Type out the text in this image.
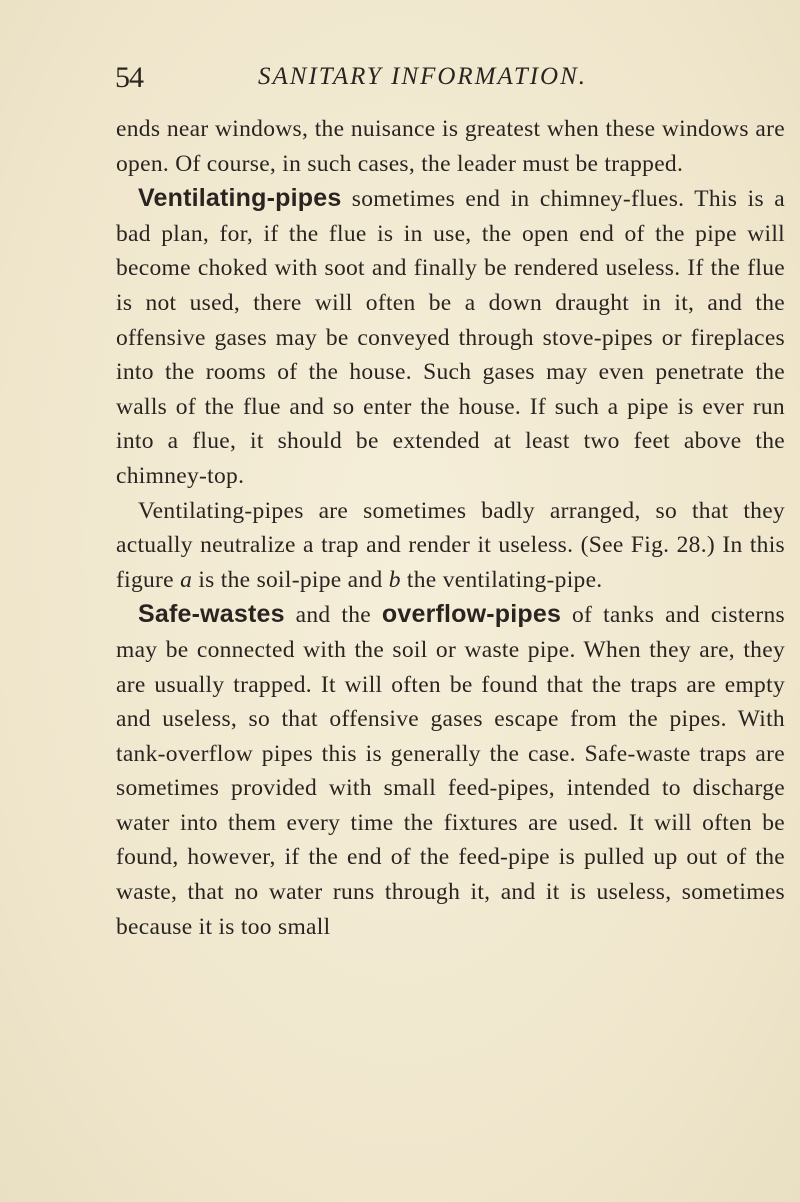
54	SANITARY INFORMATION.

ends near windows, the nuisance is greatest when these windows are open. Of course, in such cases, the leader must be trapped.

Ventilating-pipes sometimes end in chimney-flues. This is a bad plan, for, if the flue is in use, the open end of the pipe will become choked with soot and finally be rendered useless. If the flue is not used, there will often be a down draught in it, and the offensive gases may be conveyed through stove-pipes or fireplaces into the rooms of the house. Such gases may even penetrate the walls of the flue and so enter the house. If such a pipe is ever run into a flue, it should be extended at least two feet above the chimney-top.

Ventilating-pipes are sometimes badly arranged, so that they actually neutralize a trap and render it useless. (See Fig. 28.) In this figure a is the soil-pipe and b the ventilating-pipe.

Safe-wastes and the overflow-pipes of tanks and cisterns may be connected with the soil or waste pipe. When they are, they are usually trapped. It will often be found that the traps are empty and useless, so that offensive gases escape from the pipes. With tank-overflow pipes this is generally the case. Safe-waste traps are sometimes provided with small feed-pipes, intended to discharge water into them every time the fixtures are used. It will often be found, however, if the end of the feed-pipe is pulled up out of the waste, that no water runs through it, and it is useless, sometimes because it is too small
